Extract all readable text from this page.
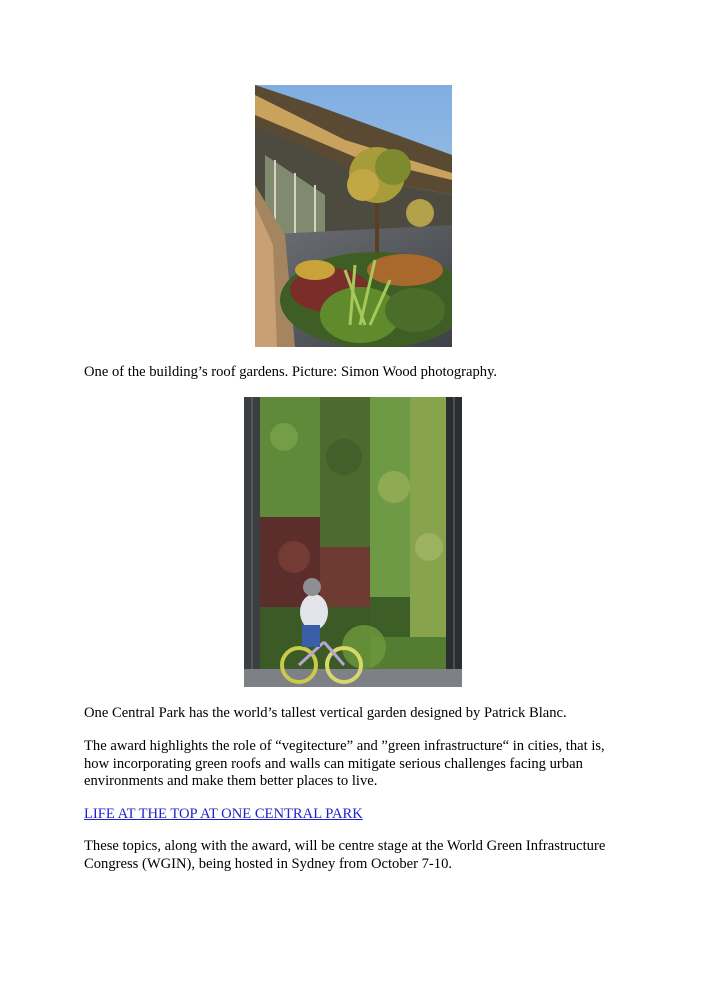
One of the building’s roof gardens. Picture: Simon Wood photography.

One Central Park has the world’s tallest vertical garden designed by Patrick Blanc.

The award highlights the role of “vegitecture” and ”green infrastructure“ in cities, that is, how incorporating green roofs and walls can mitigate serious challenges facing urban environments and make them better places to live.

LIFE AT THE TOP AT ONE CENTRAL PARK

These topics, along with the award, will be centre stage at the World Green Infrastructure Congress (WGIN), being hosted in Sydney from October 7-10.
